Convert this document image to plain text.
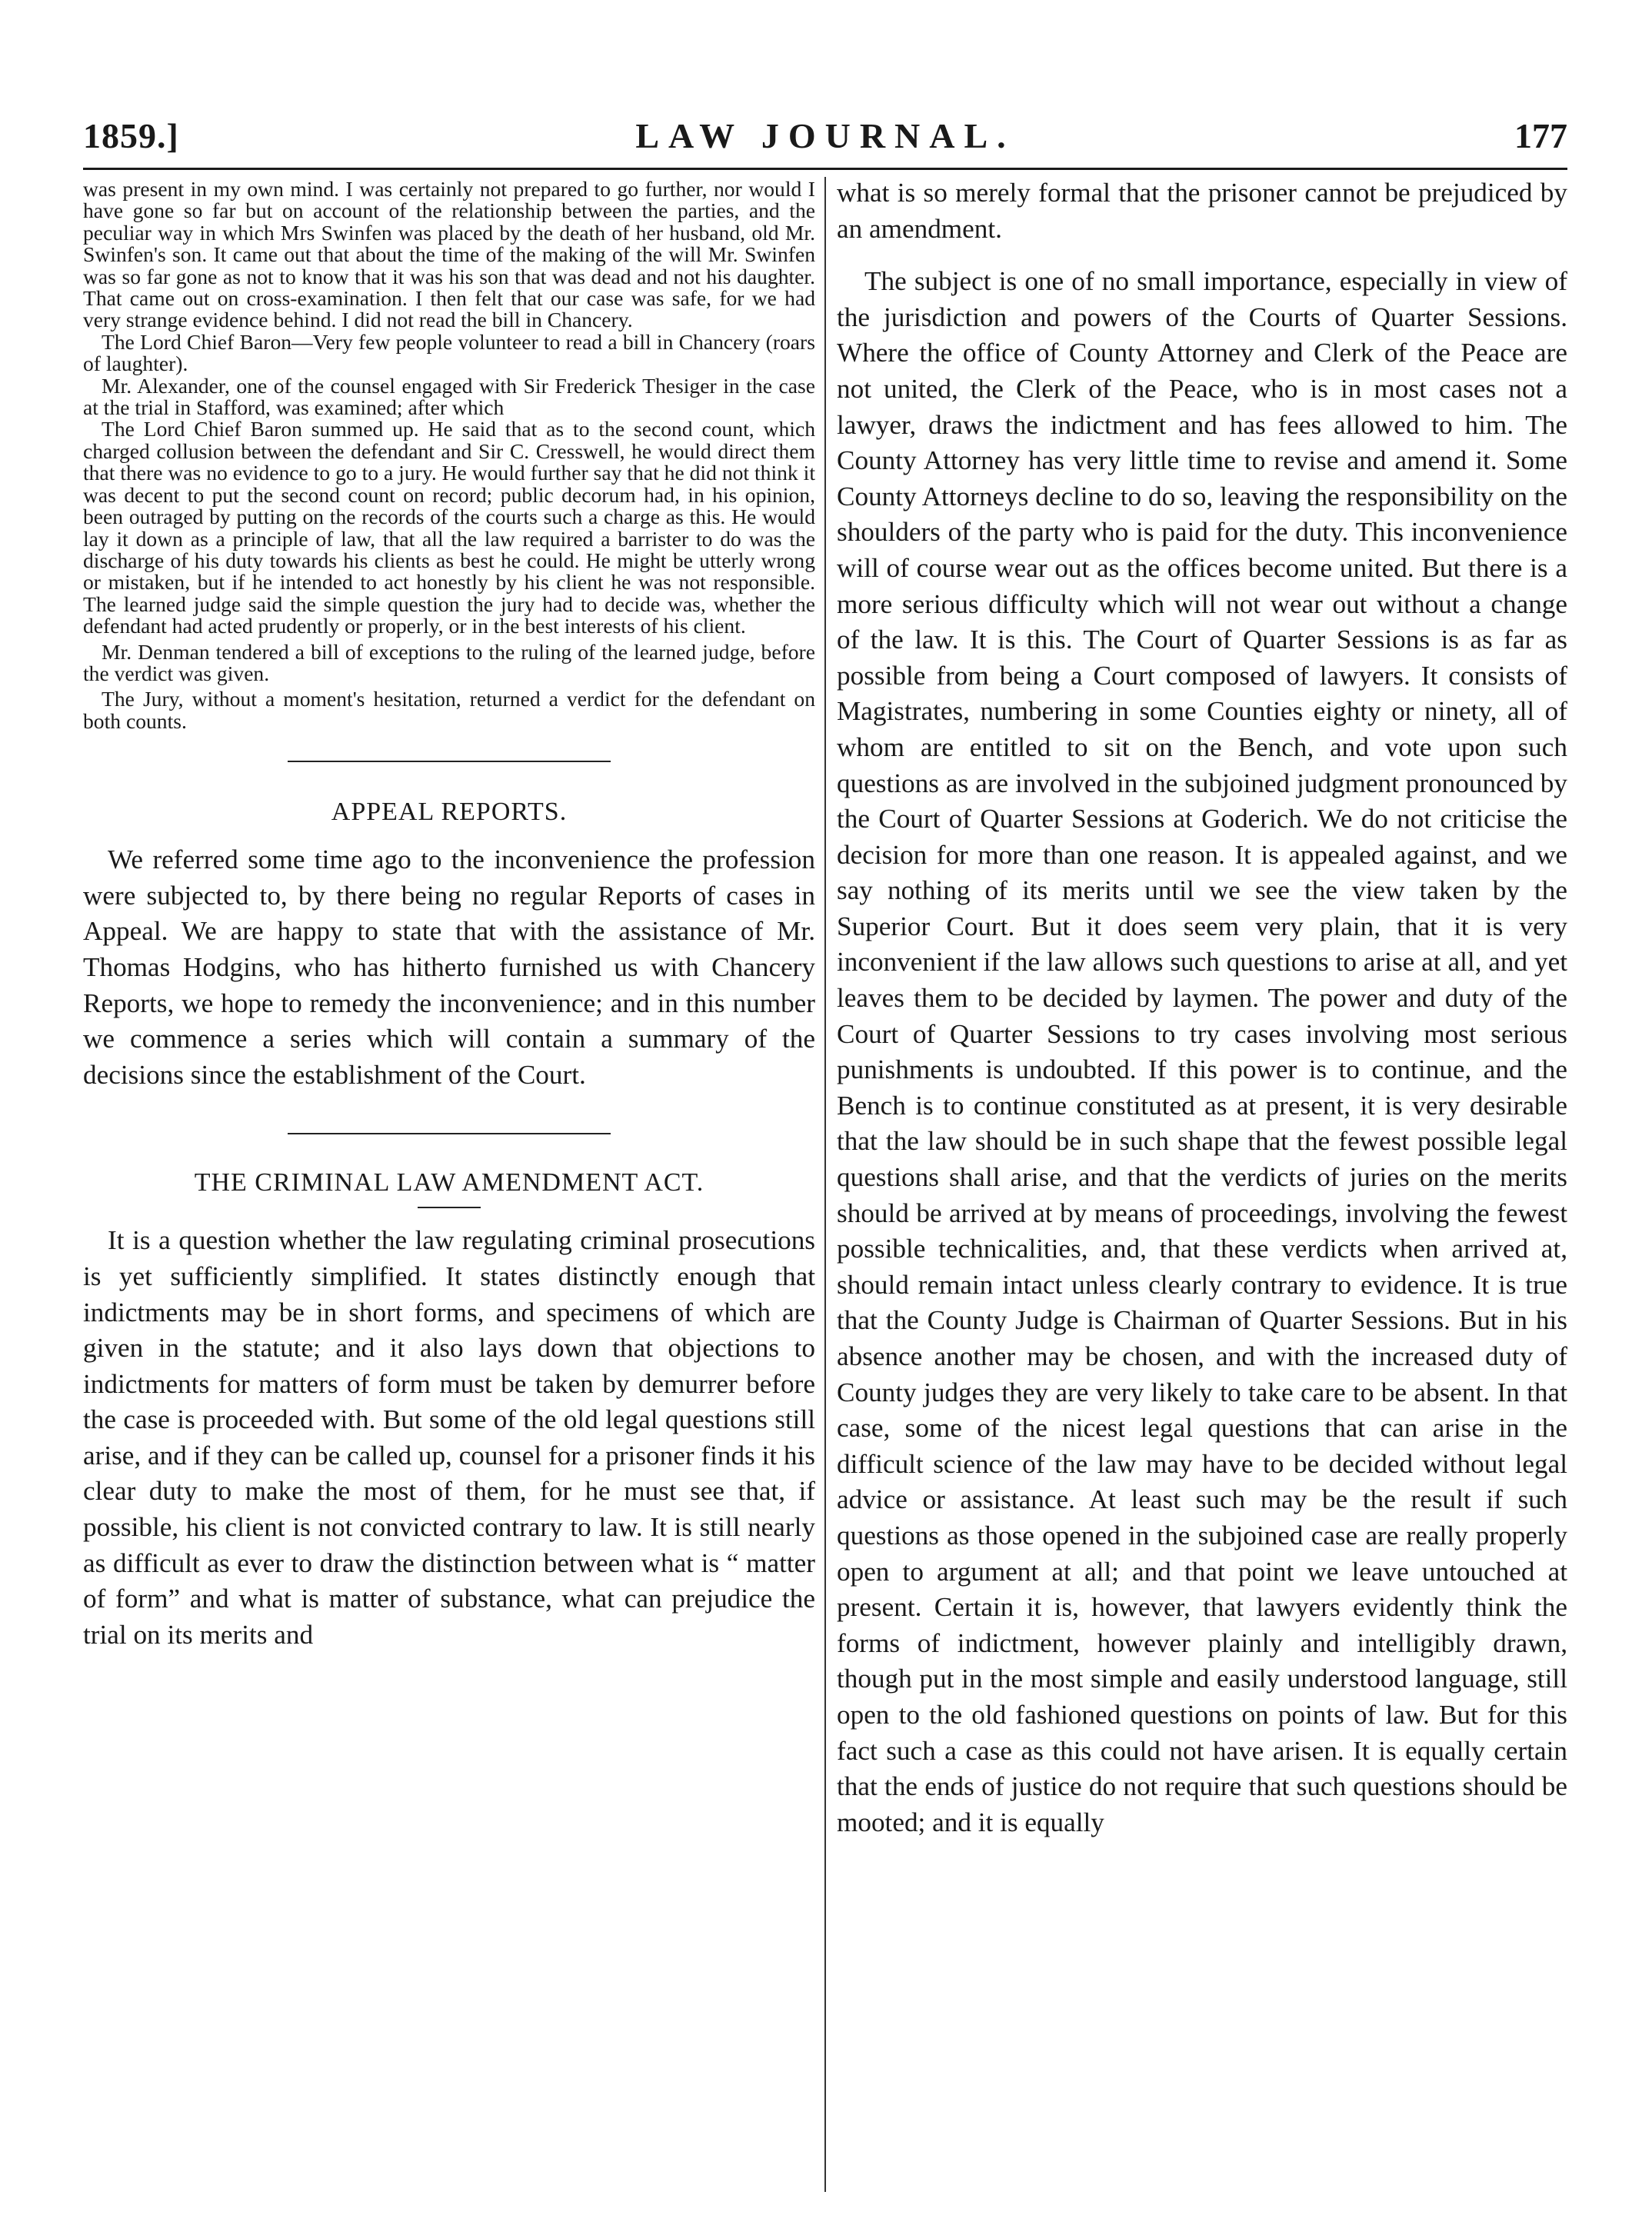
1859.]	LAW JOURNAL.	177

was present in my own mind. I was certainly not prepared to go further, nor would I have gone so far but on account of the relationship between the parties, and the peculiar way in which Mrs Swinfen was placed by the death of her husband, old Mr. Swinfen's son. It came out that about the time of the making of the will Mr. Swinfen was so far gone as not to know that it was his son that was dead and not his daughter. That came out on cross-examination. I then felt that our case was safe, for we had very strange evidence behind. I did not read the bill in Chancery.

The Lord Chief Baron—Very few people volunteer to read a bill in Chancery (roars of laughter).

Mr. Alexander, one of the counsel engaged with Sir Frederick Thesiger in the case at the trial in Stafford, was examined; after which

The Lord Chief Baron summed up. He said that as to the second count, which charged collusion between the defendant and Sir C. Cresswell, he would direct them that there was no evidence to go to a jury. He would further say that he did not think it was decent to put the second count on record; public decorum had, in his opinion, been outraged by putting on the records of the courts such a charge as this. He would lay it down as a principle of law, that all the law required a barrister to do was the discharge of his duty towards his clients as best he could. He might be utterly wrong or mistaken, but if he intended to act honestly by his client he was not responsible. The learned judge said the simple question the jury had to decide was, whether the defendant had acted prudently or properly, or in the best interests of his client.

Mr. Denman tendered a bill of exceptions to the ruling of the learned judge, before the verdict was given.

The Jury, without a moment's hesitation, returned a verdict for the defendant on both counts.

APPEAL REPORTS.

We referred some time ago to the inconvenience the profession were subjected to, by there being no regular Reports of cases in Appeal. We are happy to state that with the assistance of Mr. Thomas Hodgins, who has hitherto furnished us with Chancery Reports, we hope to remedy the inconvenience; and in this number we commence a series which will contain a summary of the decisions since the establishment of the Court.

THE CRIMINAL LAW AMENDMENT ACT.

It is a question whether the law regulating criminal prosecutions is yet sufficiently simplified. It states distinctly enough that indictments may be in short forms, and specimens of which are given in the statute; and it also lays down that objections to indictments for matters of form must be taken by demurrer before the case is proceeded with. But some of the old legal questions still arise, and if they can be called up, counsel for a prisoner finds it his clear duty to make the most of them, for he must see that, if possible, his client is not convicted contrary to law. It is still nearly as difficult as ever to draw the distinction between what is “ matter of form” and what is matter of substance, what can prejudice the trial on its merits and

what is so merely formal that the prisoner cannot be prejudiced by an amendment.

The subject is one of no small importance, especially in view of the jurisdiction and powers of the Courts of Quarter Sessions. Where the office of County Attorney and Clerk of the Peace are not united, the Clerk of the Peace, who is in most cases not a lawyer, draws the indictment and has fees allowed to him. The County Attorney has very little time to revise and amend it. Some County Attorneys decline to do so, leaving the responsibility on the shoulders of the party who is paid for the duty. This inconvenience will of course wear out as the offices become united. But there is a more serious difficulty which will not wear out without a change of the law. It is this. The Court of Quarter Sessions is as far as possible from being a Court composed of lawyers. It consists of Magistrates, numbering in some Counties eighty or ninety, all of whom are entitled to sit on the Bench, and vote upon such questions as are involved in the subjoined judgment pronounced by the Court of Quarter Sessions at Goderich. We do not criticise the decision for more than one reason. It is appealed against, and we say nothing of its merits until we see the view taken by the Superior Court. But it does seem very plain, that it is very inconvenient if the law allows such questions to arise at all, and yet leaves them to be decided by laymen. The power and duty of the Court of Quarter Sessions to try cases involving most serious punishments is undoubted. If this power is to continue, and the Bench is to continue constituted as at present, it is very desirable that the law should be in such shape that the fewest possible legal questions shall arise, and that the verdicts of juries on the merits should be arrived at by means of proceedings, involving the fewest possible technicalities, and, that these verdicts when arrived at, should remain intact unless clearly contrary to evidence. It is true that the County Judge is Chairman of Quarter Sessions. But in his absence another may be chosen, and with the increased duty of County judges they are very likely to take care to be absent. In that case, some of the nicest legal questions that can arise in the difficult science of the law may have to be decided without legal advice or assistance. At least such may be the result if such questions as those opened in the subjoined case are really properly open to argument at all; and that point we leave untouched at present. Certain it is, however, that lawyers evidently think the forms of indictment, however plainly and intelligibly drawn, though put in the most simple and easily understood language, still open to the old fashioned questions on points of law. But for this fact such a case as this could not have arisen. It is equally certain that the ends of justice do not require that such questions should be mooted; and it is equally
